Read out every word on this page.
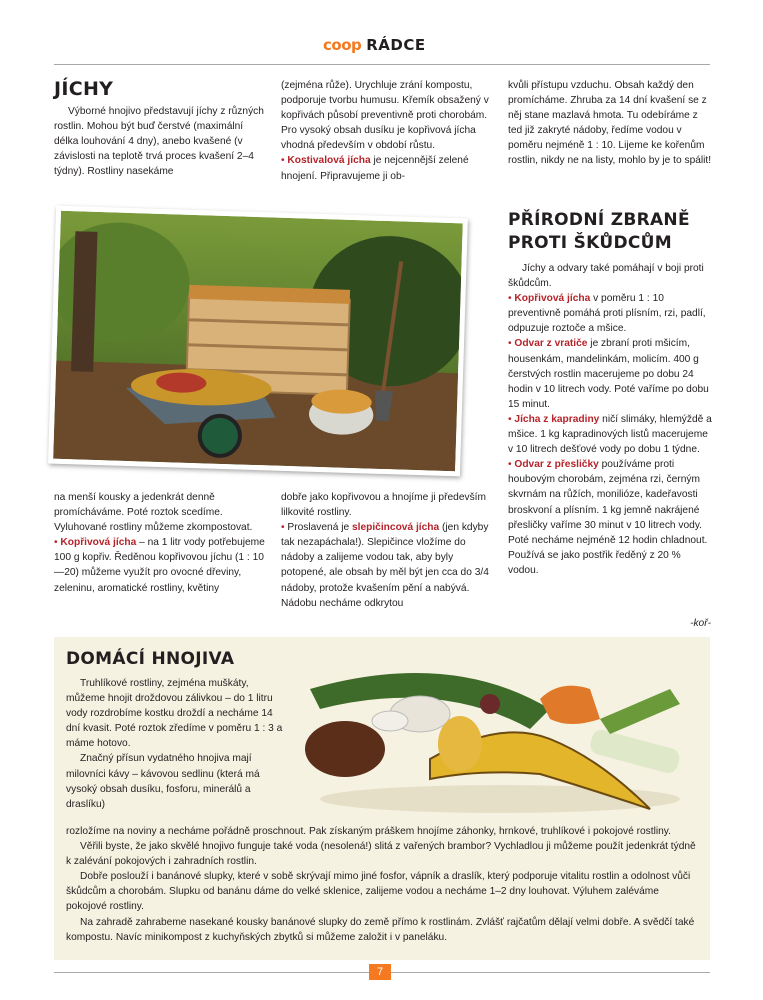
coop RÁDCE
JÍCHY

Výborné hnojivo představují jíchy z různých rostlin. Mohou být buď čerstvé (maximální délka louhování 4 dny), anebo kvašené (v závislosti na teplotě trvá proces kvašení 2–4 týdny). Rostliny nasekáme

(zejména růže). Urychluje zrání kompostu, podporuje tvorbu humusu. Křemík obsažený v kopřivách působí preventivně proti chorobám. Pro vysoký obsah dusíku je kopřivová jícha vhodná především v období růstu.

• Kostivalová jícha je nejcennější zelené hnojení. Připravujeme ji ob-

kvůli přístupu vzduchu. Obsah každý den promícháme. Zhruba za 14 dní kvašení se z něj stane mazlavá hmota. Tu odebíráme z ted již zakryté nádoby, ředíme vodou v poměru nejméně 1 : 10. Lijeme ke kořenům rostlin, nikdy ne na listy, mohlo by je to spálit!

PŘÍRODNÍ ZBRANĚ PROTI ŠKŮDCŮM

Jíchy a odvary také pomáhají v boji proti škůdcům.

• Kopřivová jícha v poměru 1 : 10 preventivně pomáhá proti plísním, rzi, padlí, odpuzuje roztoče a mšice.

• Odvar z vratiče je zbraní proti mšicím, housenkám, mandelinkám, molicím. 400 g čerstvých rostlin macerujeme po dobu 24 hodin v 10 litrech vody. Poté vaříme po dobu 15 minut.

• Jícha z kapradiny ničí slimáky, hlemýždě a mšice. 1 kg kapradinových listů macerujeme v 10 litrech dešťové vody po dobu 1 týdne.

• Odvar z přesličky používáme proti houbovým chorobám, zejména rzi, černým skvrnám na růžích, monilióze, kadeřavosti broskvoní a plísním. 1 kg jemně nakrájené přesličky vaříme 30 minut v 10 litrech vody. Poté necháme nejméně 12 hodin chladnout. Používá se jako postřik ředěný z 20 % vodou.

-koř-

na menší kousky a jedenkrát denně promícháváme. Poté roztok scedíme. Vyluhované rostliny můžeme zkompostovat.

• Kopřivová jícha – na 1 litr vody potřebujeme 100 g kopřiv. Ředěnou kopřivovou jíchu (1 : 10—20) můžeme využít pro ovocné dřeviny, zeleninu, aromatické rostliny, květiny

dobře jako kopřivovou a hnojíme ji především lilkovité rostliny.

• Proslavená je slepičincová jícha (jen kdyby tak nezapáchala!). Slepičince vložíme do nádoby a zalijeme vodou tak, aby byly potopené, ale obsah by měl být jen cca do 3/4 nádoby, protože kvašením pění a nabývá. Nádobu necháme odkrytou

DOMÁCÍ HNOJIVA

Truhlíkové rostliny, zejména muškáty, můžeme hnojit droždovou zálivkou – do 1 litru vody rozdrobíme kostku droždí a necháme 14 dní kvasit. Poté roztok zředíme v poměru 1 : 3 a máme hotovo.

Značný přísun vydatného hnojiva mají milovníci kávy – kávovou sedlinu (která má vysoký obsah dusíku, fosforu, minerálů a draslíku)

rozložíme na noviny a necháme pořádně proschnout. Pak získaným práškem hnojíme záhonky, hrnkové, truhlíkové i pokojové rostliny.

Věřili byste, že jako skvělé hnojivo funguje také voda (nesolená!) slitá z vařených brambor? Vychladlou ji můžeme použít jedenkrát týdně k zalévání pokojových i zahradních rostlin.

Dobře poslouží i banánové slupky, které v sobě skrývají mimo jiné fosfor, vápník a draslík, který podporuje vitalitu rostlin a odolnost vůči škůdcům a chorobám. Slupku od banánu dáme do velké sklenice, zalijeme vodou a necháme 1–2 dny louhovat. Výluhem zaléváme pokojové rostliny.

Na zahradě zahrabeme nasekané kousky banánové slupky do země přímo k rostlinám. Zvlášť rajčatům dělají velmi dobře. A svědčí také kompostu. Navíc minikompost z kuchyňských zbytků si můžeme založit i v paneláku.

7
